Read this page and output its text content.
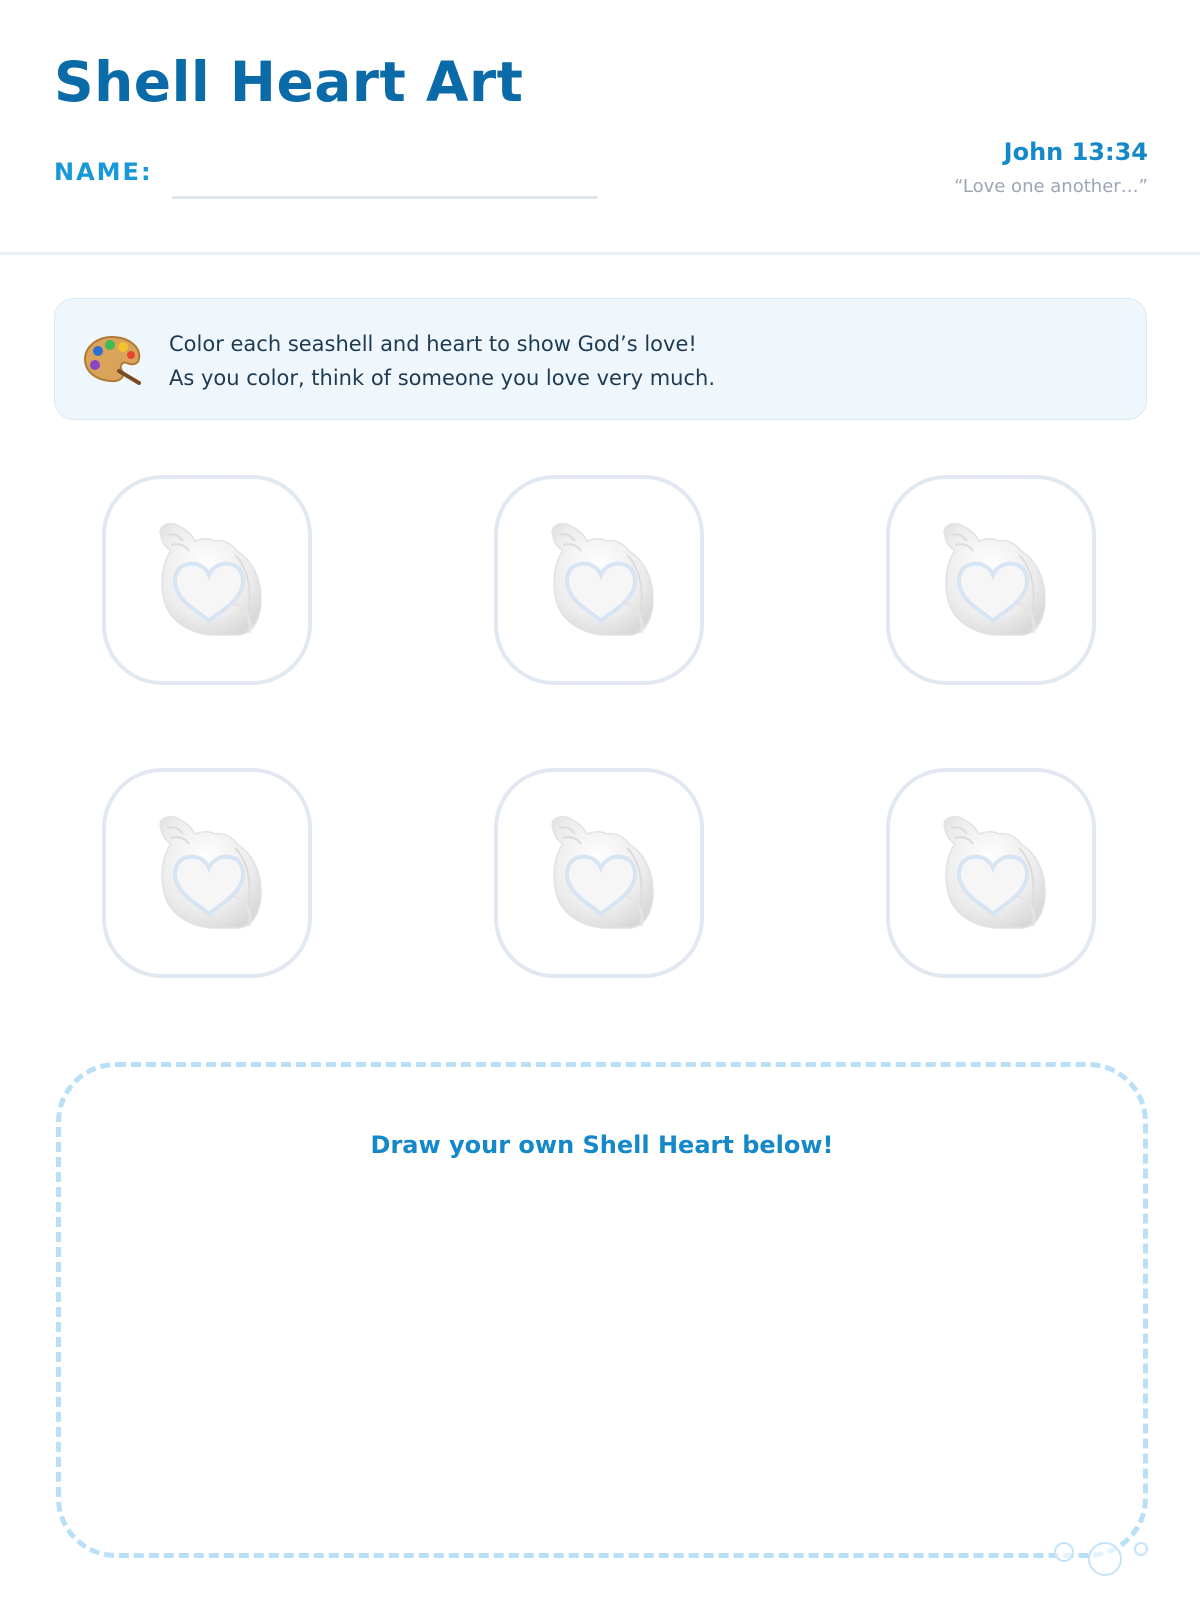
Shell Heart Art
NAME:
John 13:34
“Love one another…”
Color each seashell and heart to show God’s love!
As you color, think of someone you love very much.
Draw your own Shell Heart below!
